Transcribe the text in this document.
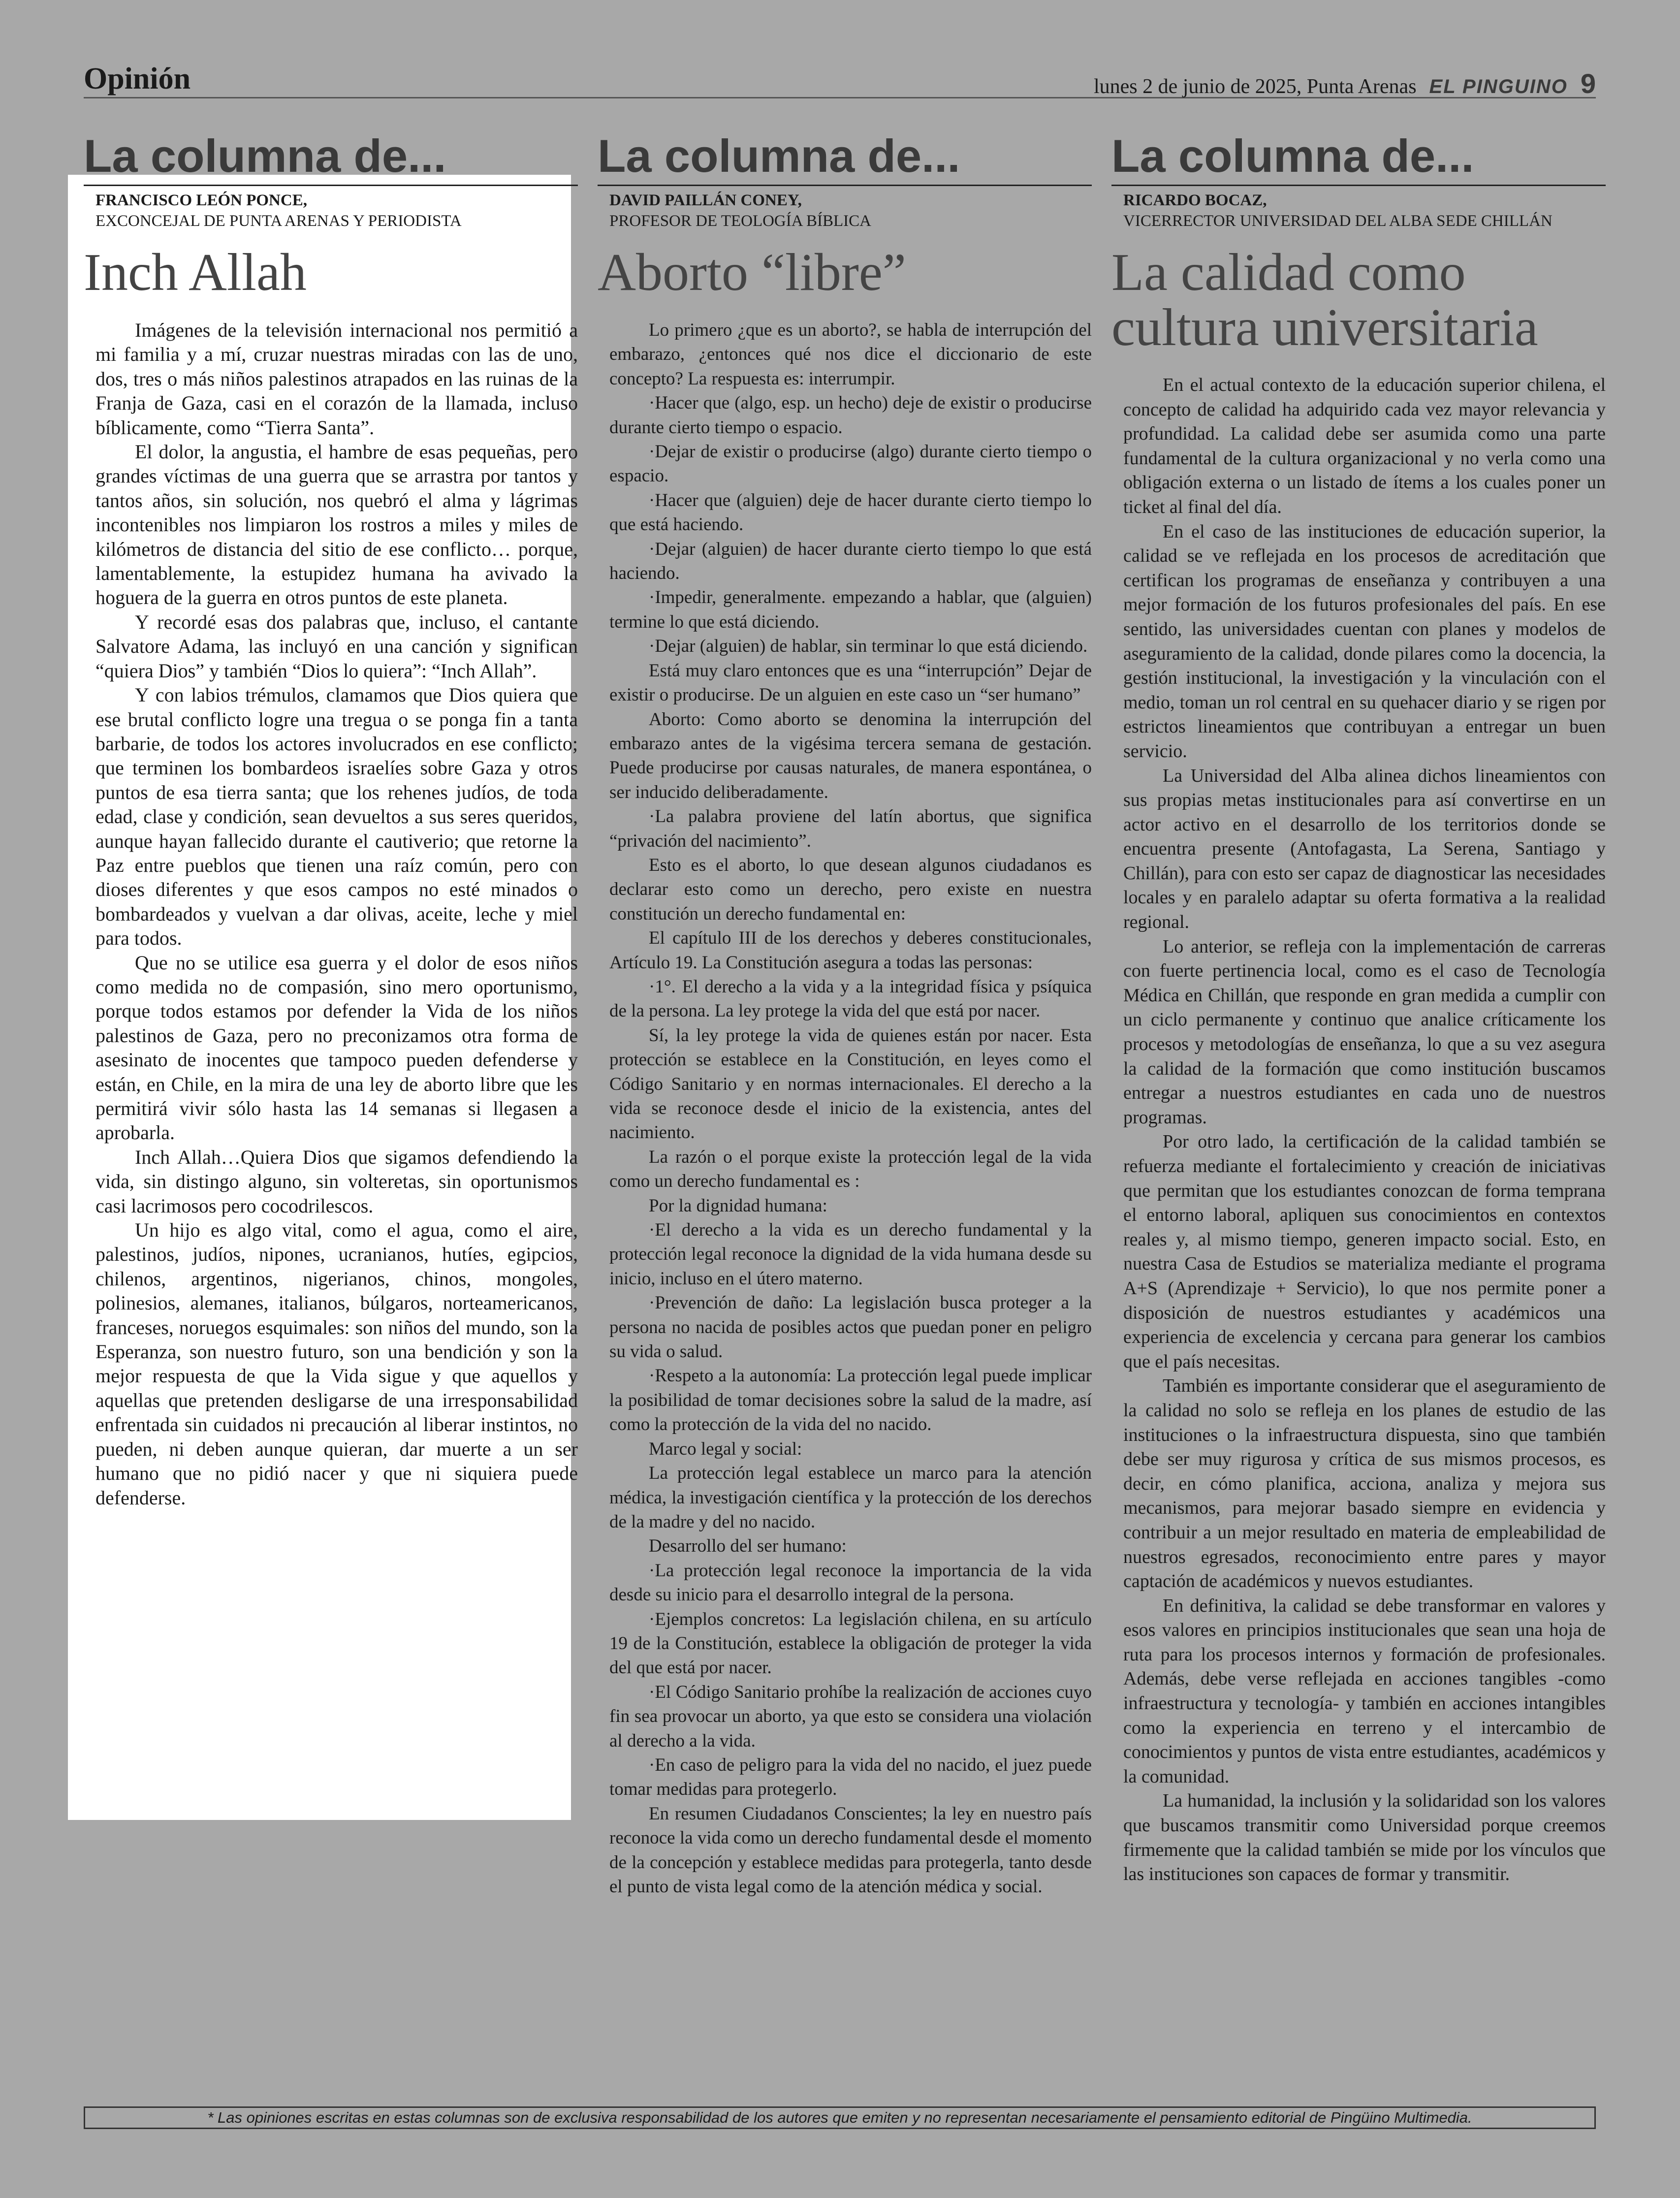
Opinión	lunes 2 de junio de 2025, Punta Arenas EL PINGUINO 9
La columna de...
FRANCISCO LEÓN PONCE,
EXCONCEJAL DE PUNTA ARENAS Y PERIODISTA
Inch Allah

Imágenes de la televisión internacional nos permitió a mi familia y a mí, cruzar nuestras miradas con las de uno, dos, tres o más niños palestinos atrapados en las ruinas de la Franja de Gaza, casi en el corazón de la llamada, incluso bíblicamente, como “Tierra Santa”.

El dolor, la angustia, el hambre de esas pequeñas, pero grandes víctimas de una guerra que se arrastra por tantos y tantos años, sin solución, nos quebró el alma y lágrimas incontenibles nos limpiaron los rostros a miles y miles de kilómetros de distancia del sitio de ese conflicto… porque, lamentablemente, la estupidez humana ha avivado la hoguera de la guerra en otros puntos de este planeta.

Y recordé esas dos palabras que, incluso, el cantante Salvatore Adama, las incluyó en una canción y significan “quiera Dios” y también “Dios lo quiera”: “Inch Allah”.

Y con labios trémulos, clamamos que Dios quiera que ese brutal conflicto logre una tregua o se ponga fin a tanta barbarie, de todos los actores involucrados en ese conflicto; que terminen los bombardeos israelíes sobre Gaza y otros puntos de esa tierra santa; que los rehenes judíos, de toda edad, clase y condición, sean devueltos a sus seres queridos, aunque hayan fallecido durante el cautiverio; que retorne la Paz entre pueblos que tienen una raíz común, pero con dioses diferentes y que esos campos no esté minados o bombardeados y vuelvan a dar olivas, aceite, leche y miel para todos.

Que no se utilice esa guerra y el dolor de esos niños como medida no de compasión, sino mero oportunismo, porque todos estamos por defender la Vida de los niños palestinos de Gaza, pero no preconizamos otra forma de asesinato de inocentes que tampoco pueden defenderse y están, en Chile, en la mira de una ley de aborto libre que les permitirá vivir sólo hasta las 14 semanas si llegasen a aprobarla.

Inch Allah…Quiera Dios que sigamos defendiendo la vida, sin distingo alguno, sin volteretas, sin oportunismos casi lacrimosos pero cocodrilescos.

Un hijo es algo vital, como el agua, como el aire, palestinos, judíos, nipones, ucranianos, hutíes, egipcios, chilenos, argentinos, nigerianos, chinos, mongoles, polinesios, alemanes, italianos, búlgaros, norteamericanos, franceses, noruegos esquimales: son niños del mundo, son la Esperanza, son nuestro futuro, son una bendición y son la mejor respuesta de que la Vida sigue y que aquellos y aquellas que pretenden desligarse de una irresponsabilidad enfrentada sin cuidados ni precaución al liberar instintos, no pueden, ni deben aunque quieran, dar muerte a un ser humano que no pidió nacer y que ni siquiera puede defenderse.

La columna de...
DAVID PAILLÁN CONEY,
PROFESOR DE TEOLOGÍA BÍBLICA
Aborto “libre”

Lo primero ¿que es un aborto?, se habla de interrupción del embarazo, ¿entonces qué nos dice el diccionario de este concepto? La respuesta es: interrumpir.

·Hacer que (algo, esp. un hecho) deje de existir o producirse durante cierto tiempo o espacio.

·Dejar de existir o producirse (algo) durante cierto tiempo o espacio.

·Hacer que (alguien) deje de hacer durante cierto tiempo lo que está haciendo.

·Dejar (alguien) de hacer durante cierto tiempo lo que está haciendo.

·Impedir, generalmente. empezando a hablar, que (alguien) termine lo que está diciendo.

·Dejar (alguien) de hablar, sin terminar lo que está diciendo.

Está muy claro entonces que es una “interrupción” Dejar de existir o producirse. De un alguien en este caso un “ser humano”

Aborto: Como aborto se denomina la interrupción del embarazo antes de la vigésima tercera semana de gestación. Puede producirse por causas naturales, de manera espontánea, o ser inducido deliberadamente.

·La palabra proviene del latín abortus, que significa “privación del nacimiento”.

Esto es el aborto, lo que desean algunos ciudadanos es declarar esto como un derecho, pero existe en nuestra constitución un derecho fundamental en:

El capítulo III de los derechos y deberes constitucionales, Artículo 19. La Constitución asegura a todas las personas:

·1°. El derecho a la vida y a la integridad física y psíquica de la persona. La ley protege la vida del que está por nacer.

Sí, la ley protege la vida de quienes están por nacer. Esta protección se establece en la Constitución, en leyes como el Código Sanitario y en normas internacionales. El derecho a la vida se reconoce desde el inicio de la existencia, antes del nacimiento.

La razón o el porque existe la protección legal de la vida como un derecho fundamental es :

Por la dignidad humana:

·El derecho a la vida es un derecho fundamental y la protección legal reconoce la dignidad de la vida humana desde su inicio, incluso en el útero materno.

·Prevención de daño: La legislación busca proteger a la persona no nacida de posibles actos que puedan poner en peligro su vida o salud.

·Respeto a la autonomía: La protección legal puede implicar la posibilidad de tomar decisiones sobre la salud de la madre, así como la protección de la vida del no nacido.

Marco legal y social:

La protección legal establece un marco para la atención médica, la investigación científica y la protección de los derechos de la madre y del no nacido.

Desarrollo del ser humano:

·La protección legal reconoce la importancia de la vida desde su inicio para el desarrollo integral de la persona.

·Ejemplos concretos: La legislación chilena, en su artículo 19 de la Constitución, establece la obligación de proteger la vida del que está por nacer.

·El Código Sanitario prohíbe la realización de acciones cuyo fin sea provocar un aborto, ya que esto se considera una violación al derecho a la vida.

·En caso de peligro para la vida del no nacido, el juez puede tomar medidas para protegerlo.

En resumen Ciudadanos Conscientes; la ley en nuestro país reconoce la vida como un derecho fundamental desde el momento de la concepción y establece medidas para protegerla, tanto desde el punto de vista legal como de la atención médica y social.

La columna de...
RICARDO BOCAZ,
VICERRECTOR UNIVERSIDAD DEL ALBA SEDE CHILLÁN
La calidad como cultura universitaria

En el actual contexto de la educación superior chilena, el concepto de calidad ha adquirido cada vez mayor relevancia y profundidad. La calidad debe ser asumida como una parte fundamental de la cultura organizacional y no verla como una obligación externa o un listado de ítems a los cuales poner un ticket al final del día.

En el caso de las instituciones de educación superior, la calidad se ve reflejada en los procesos de acreditación que certifican los programas de enseñanza y contribuyen a una mejor formación de los futuros profesionales del país. En ese sentido, las universidades cuentan con planes y modelos de aseguramiento de la calidad, donde pilares como la docencia, la gestión institucional, la investigación y la vinculación con el medio, toman un rol central en su quehacer diario y se rigen por estrictos lineamientos que contribuyan a entregar un buen servicio.

La Universidad del Alba alinea dichos lineamientos con sus propias metas institucionales para así convertirse en un actor activo en el desarrollo de los territorios donde se encuentra presente (Antofagasta, La Serena, Santiago y Chillán), para con esto ser capaz de diagnosticar las necesidades locales y en paralelo adaptar su oferta formativa a la realidad regional.

Lo anterior, se refleja con la implementación de carreras con fuerte pertinencia local, como es el caso de Tecnología Médica en Chillán, que responde en gran medida a cumplir con un ciclo permanente y continuo que analice críticamente los procesos y metodologías de enseñanza, lo que a su vez asegura la calidad de la formación que como institución buscamos entregar a nuestros estudiantes en cada uno de nuestros programas.

Por otro lado, la certificación de la calidad también se refuerza mediante el fortalecimiento y creación de iniciativas que permitan que los estudiantes conozcan de forma temprana el entorno laboral, apliquen sus conocimientos en contextos reales y, al mismo tiempo, generen impacto social. Esto, en nuestra Casa de Estudios se materializa mediante el programa A+S (Aprendizaje + Servicio), lo que nos permite poner a disposición de nuestros estudiantes y académicos una experiencia de excelencia y cercana para generar los cambios que el país necesitas.

También es importante considerar que el aseguramiento de la calidad no solo se refleja en los planes de estudio de las instituciones o la infraestructura dispuesta, sino que también debe ser muy rigurosa y crítica de sus mismos procesos, es decir, en cómo planifica, acciona, analiza y mejora sus mecanismos, para mejorar basado siempre en evidencia y contribuir a un mejor resultado en materia de empleabilidad de nuestros egresados, reconocimiento entre pares y mayor captación de académicos y nuevos estudiantes.

En definitiva, la calidad se debe transformar en valores y esos valores en principios institucionales que sean una hoja de ruta para los procesos internos y formación de profesionales. Además, debe verse reflejada en acciones tangibles -como infraestructura y tecnología- y también en acciones intangibles como la experiencia en terreno y el intercambio de conocimientos y puntos de vista entre estudiantes, académicos y la comunidad.

La humanidad, la inclusión y la solidaridad son los valores que buscamos transmitir como Universidad porque creemos firmemente que la calidad también se mide por los vínculos que las instituciones son capaces de formar y transmitir.

* Las opiniones escritas en estas columnas son de exclusiva responsabilidad de los autores que emiten y no representan necesariamente el pensamiento editorial de Pingüino Multimedia.
